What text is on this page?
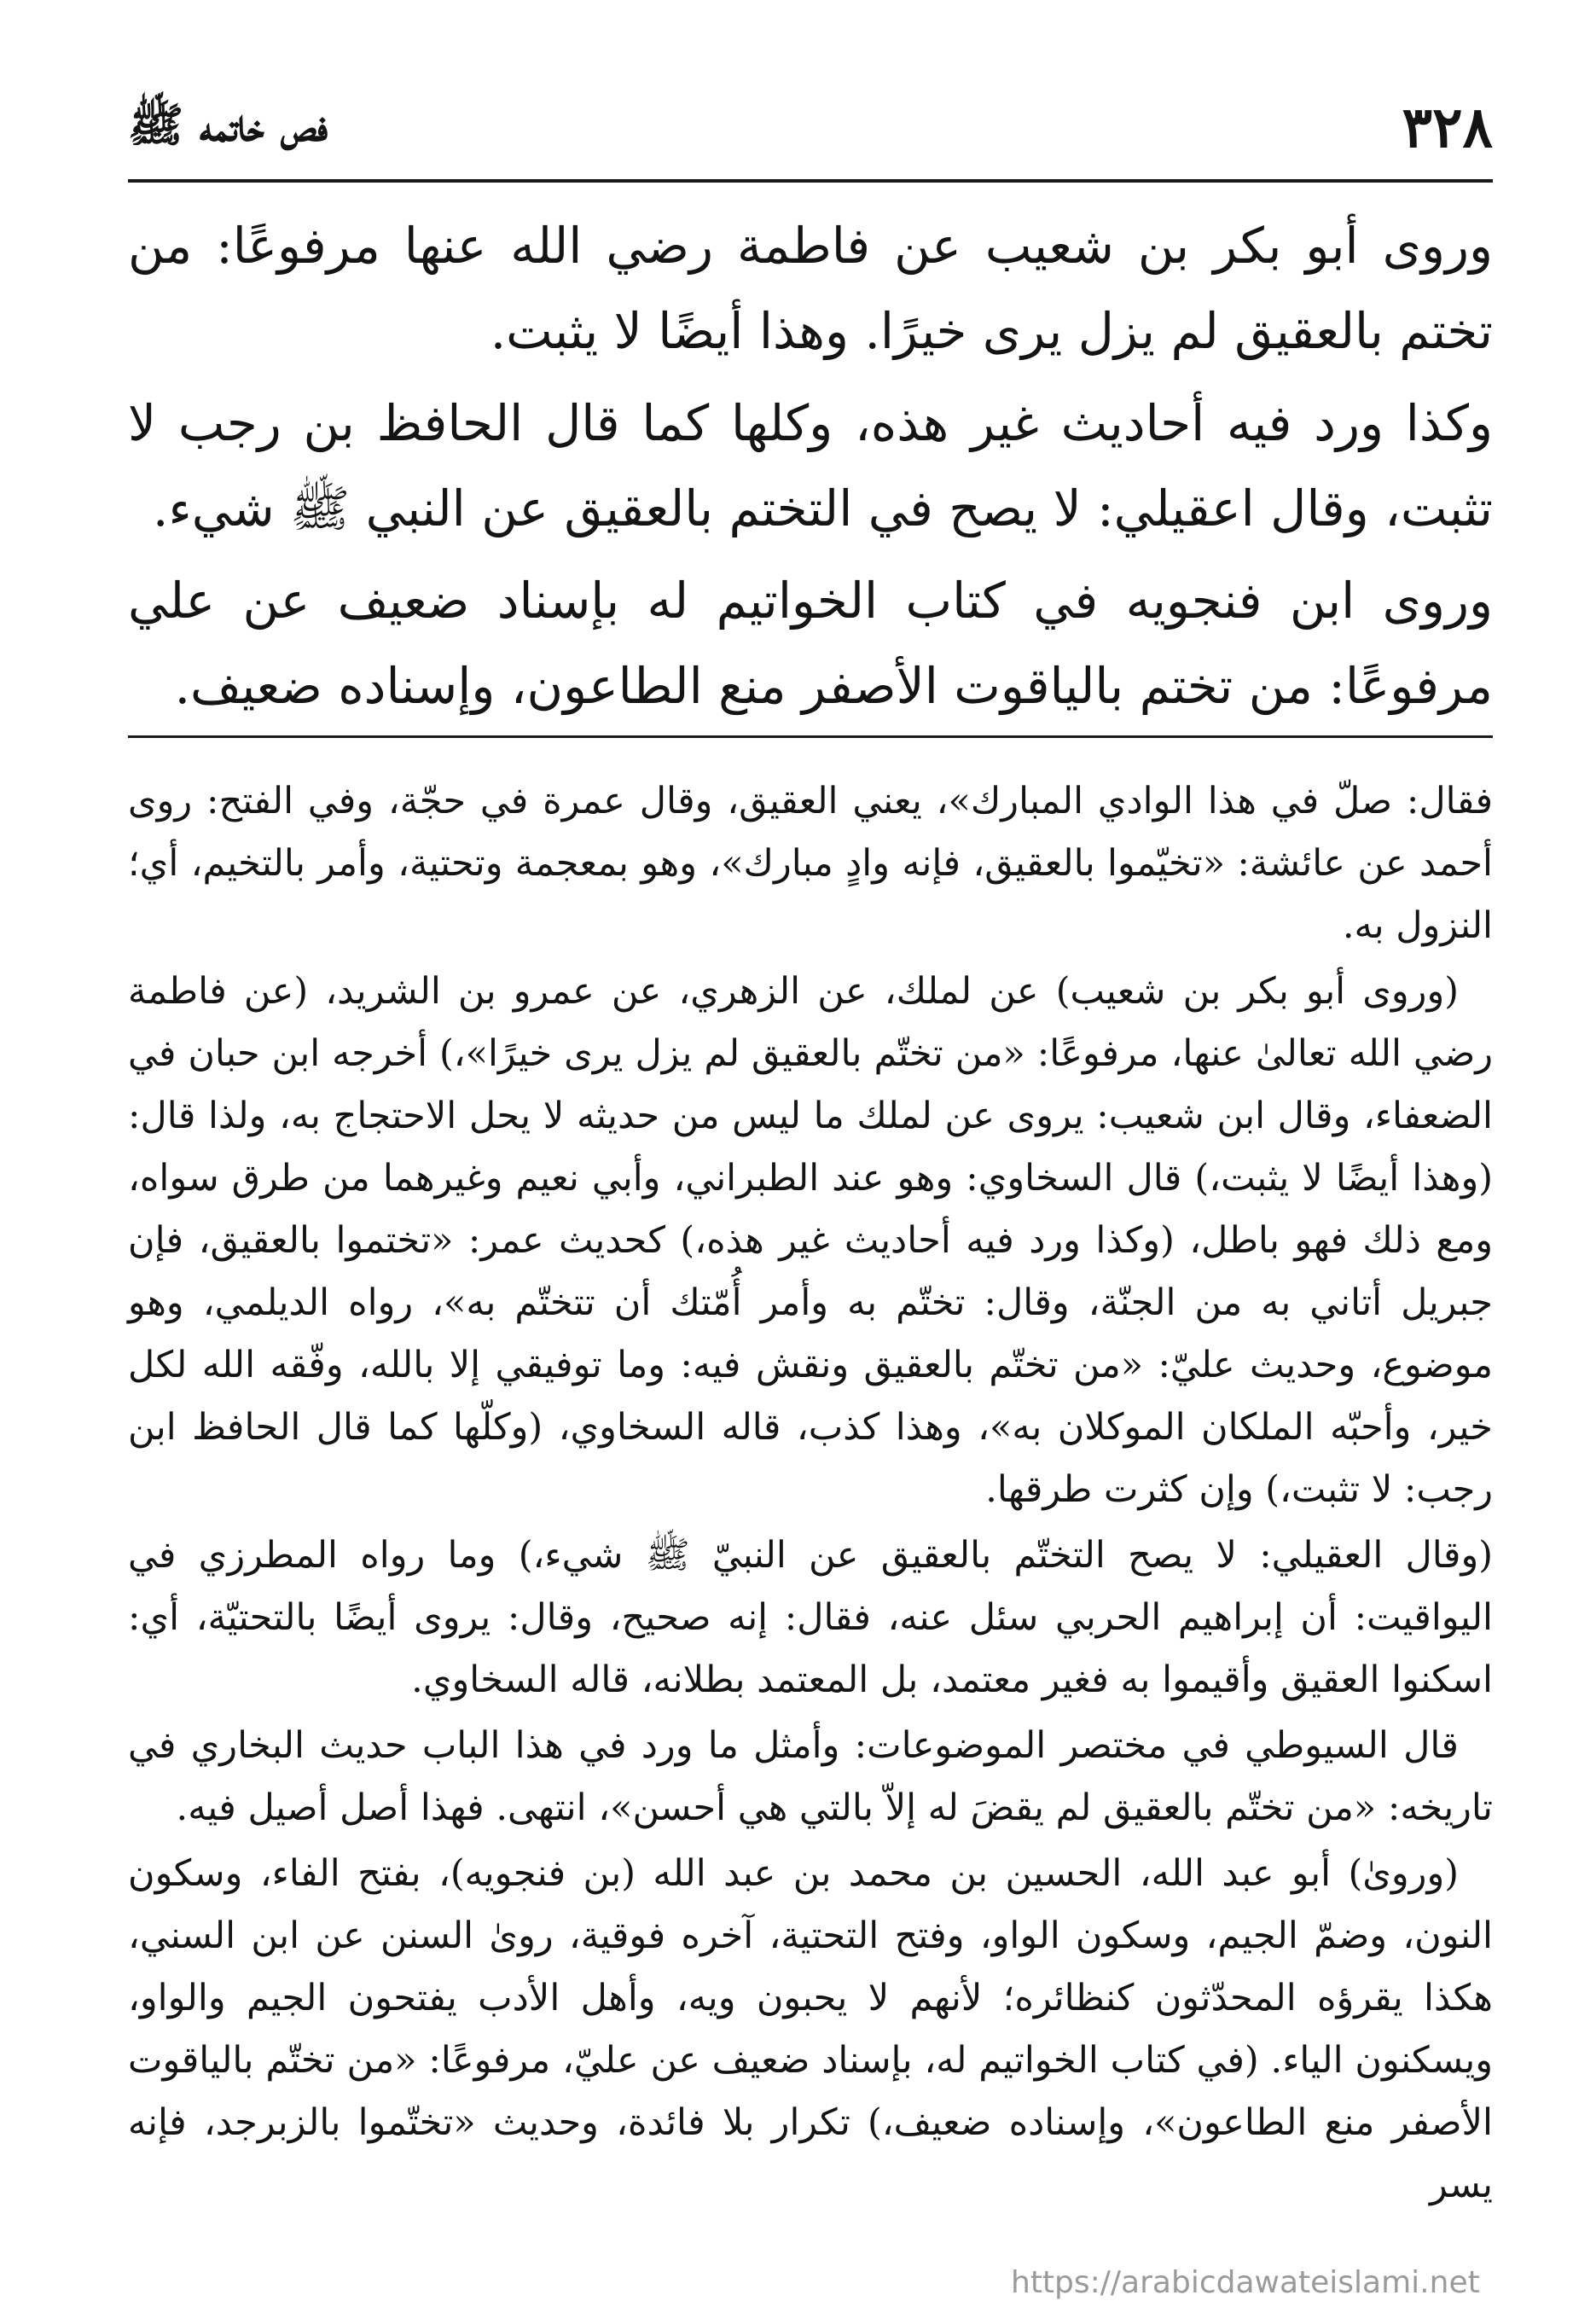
٣٢٨
فص خاتمه ﷺ

وروى أبو بكر بن شعيب عن فاطمة رضي الله عنها مرفوعًا: من تختم بالعقيق لم يزل يرى خيرًا. وهذا أيضًا لا يثبت.

وكذا ورد فيه أحاديث غير هذه، وكلها كما قال الحافظ بن رجب لا تثبت، وقال اعقيلي: لا يصح في التختم بالعقيق عن النبي ﷺ شيء.

وروى ابن فنجويه في كتاب الخواتيم له بإسناد ضعيف عن علي مرفوعًا: من تختم بالياقوت الأصفر منع الطاعون، وإسناده ضعيف.

فقال: صلّ في هذا الوادي المبارك»، يعني العقيق، وقال عمرة في حجّة، وفي الفتح: روى أحمد عن عائشة: «تخيّموا بالعقيق، فإنه وادٍ مبارك»، وهو بمعجمة وتحتية، وأمر بالتخيم، أي؛ النزول به.

(وروى أبو بكر بن شعيب) عن لملك، عن الزهري، عن عمرو بن الشريد، (عن فاطمة رضي الله تعالىٰ عنها، مرفوعًا: «من تختّم بالعقيق لم يزل يرى خيرًا»،) أخرجه ابن حبان في الضعفاء، وقال ابن شعيب: يروى عن لملك ما ليس من حديثه لا يحل الاحتجاج به، ولذا قال: (وهذا أيضًا لا يثبت،) قال السخاوي: وهو عند الطبراني، وأبي نعيم وغيرهما من طرق سواه، ومع ذلك فهو باطل، (وكذا ورد فيه أحاديث غير هذه،) كحديث عمر: «تختموا بالعقيق، فإن جبريل أتاني به من الجنّة، وقال: تختّم به وأمر أُمّتك أن تتختّم به»، رواه الديلمي، وهو موضوع، وحديث عليّ: «من تختّم بالعقيق ونقش فيه: وما توفيقي إلا بالله، وفّقه الله لكل خير، وأحبّه الملكان الموكلان به»، وهذا كذب، قاله السخاوي، (وكلّها كما قال الحافظ ابن رجب: لا تثبت،) وإن كثرت طرقها.

(وقال العقيلي: لا يصح التختّم بالعقيق عن النبيّ ﷺ شيء،) وما رواه المطرزي في اليواقيت: أن إبراهيم الحربي سئل عنه، فقال: إنه صحيح، وقال: يروى أيضًا بالتحتيّة، أي: اسكنوا العقيق وأقيموا به فغير معتمد، بل المعتمد بطلانه، قاله السخاوي.

قال السيوطي في مختصر الموضوعات: وأمثل ما ورد في هذا الباب حديث البخاري في تاريخه: «من تختّم بالعقيق لم يقضَ له إلاّ بالتي هي أحسن»، انتهى. فهذا أصل أصيل فيه.

(وروىٰ) أبو عبد الله، الحسين بن محمد بن عبد الله (بن فنجويه)، بفتح الفاء، وسكون النون، وضمّ الجيم، وسكون الواو، وفتح التحتية، آخره فوقية، روىٰ السنن عن ابن السني، هكذا يقرؤه المحدّثون كنظائره؛ لأنهم لا يحبون ويه، وأهل الأدب يفتحون الجيم والواو، ويسكنون الياء. (في كتاب الخواتيم له، بإسناد ضعيف عن عليّ، مرفوعًا: «من تختّم بالياقوت الأصفر منع الطاعون»، وإسناده ضعيف،) تكرار بلا فائدة، وحديث «تختّموا بالزبرجد، فإنه يسر

https://arabicdawateislami.net
